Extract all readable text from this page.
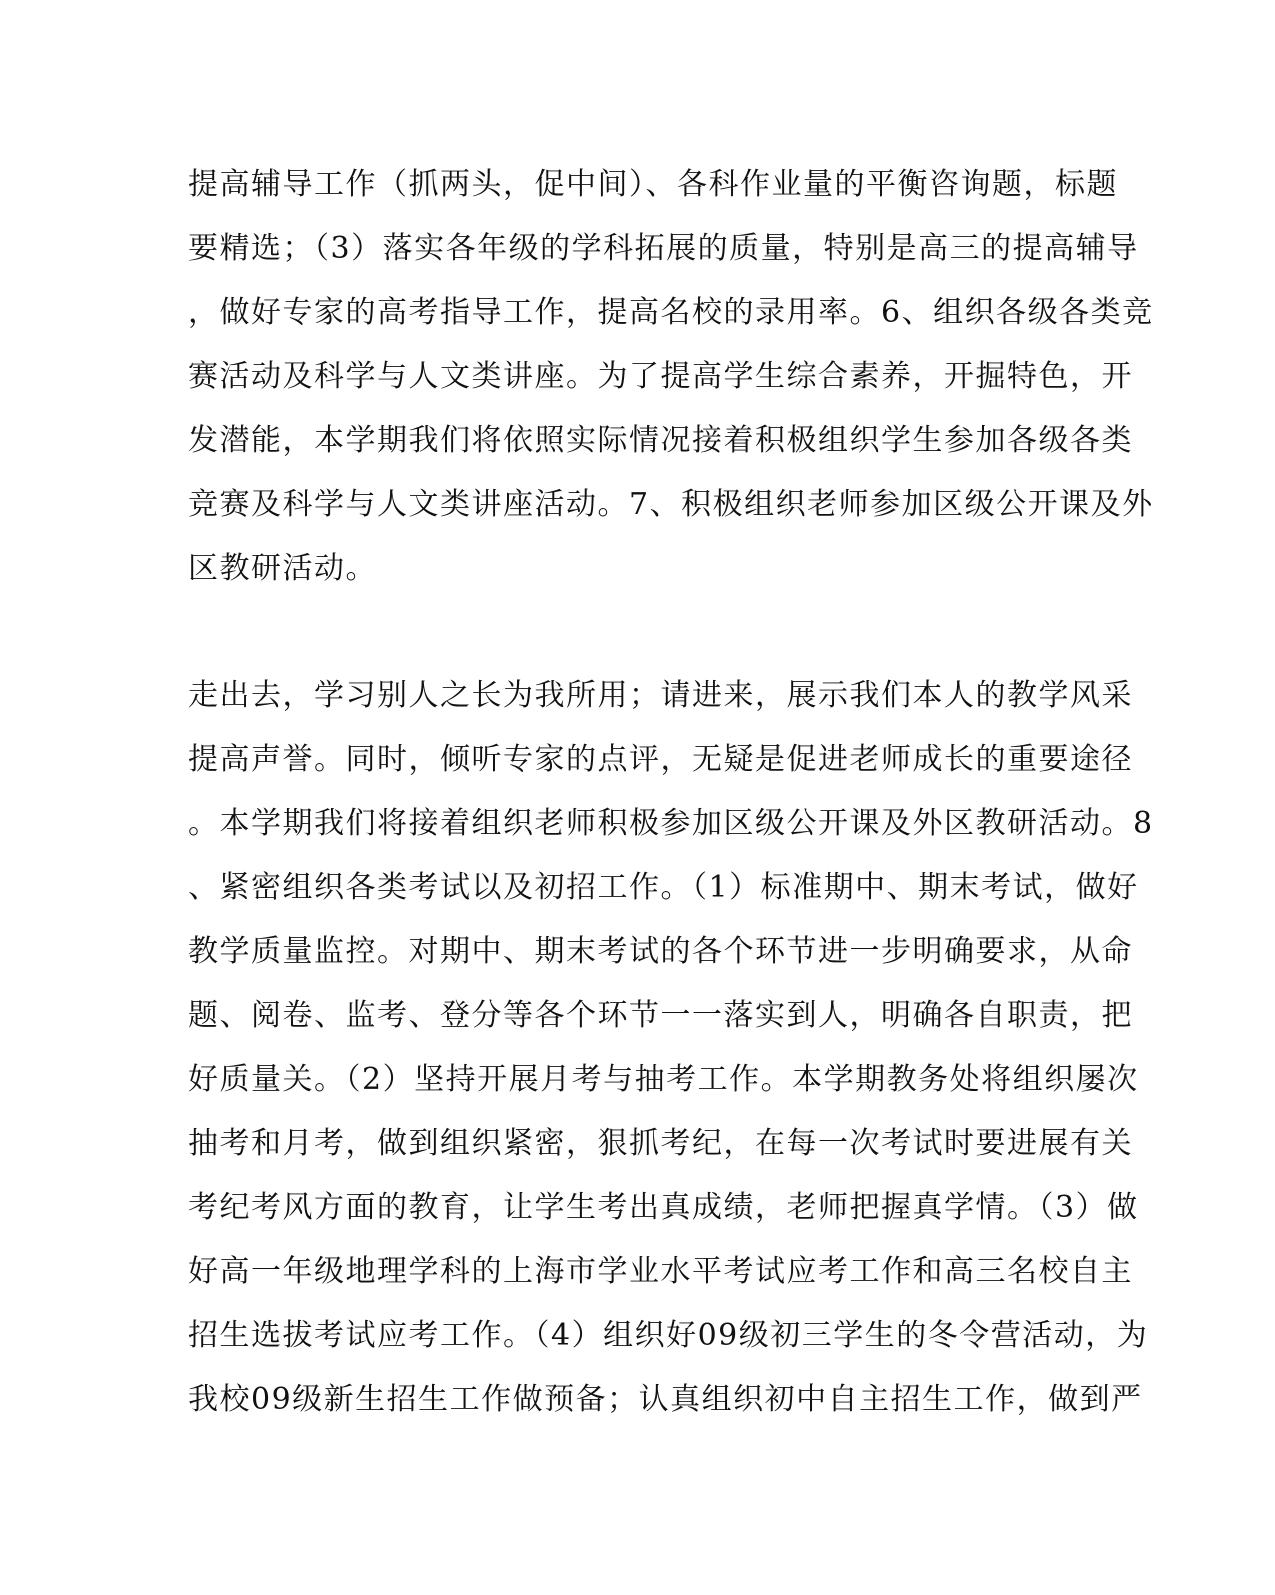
提高辅导工作（抓两头，促中间）、各科作业量的平衡咨询题，标题

要精选；（3）落实各年级的学科拓展的质量，特别是高三的提高辅导

，做好专家的高考指导工作，提高名校的录用率。6、组织各级各类竞

赛活动及科学与人文类讲座。为了提高学生综合素养，开掘特色，开

发潜能，本学期我们将依照实际情况接着积极组织学生参加各级各类

竞赛及科学与人文类讲座活动。7、积极组织老师参加区级公开课及外

区教研活动。

走出去，学习别人之长为我所用；请进来，展示我们本人的教学风采

提高声誉。同时，倾听专家的点评，无疑是促进老师成长的重要途径

。本学期我们将接着组织老师积极参加区级公开课及外区教研活动。8

、紧密组织各类考试以及初招工作。（1）标准期中、期末考试，做好

教学质量监控。对期中、期末考试的各个环节进一步明确要求，从命

题、阅卷、监考、登分等各个环节一一落实到人，明确各自职责，把

好质量关。（2）坚持开展月考与抽考工作。本学期教务处将组织屡次

抽考和月考，做到组织紧密，狠抓考纪，在每一次考试时要进展有关

考纪考风方面的教育，让学生考出真成绩，老师把握真学情。（3）做

好高一年级地理学科的上海市学业水平考试应考工作和高三名校自主

招生选拔考试应考工作。（4）组织好09级初三学生的冬令营活动，为

我校09级新生招生工作做预备；认真组织初中自主招生工作，做到严
